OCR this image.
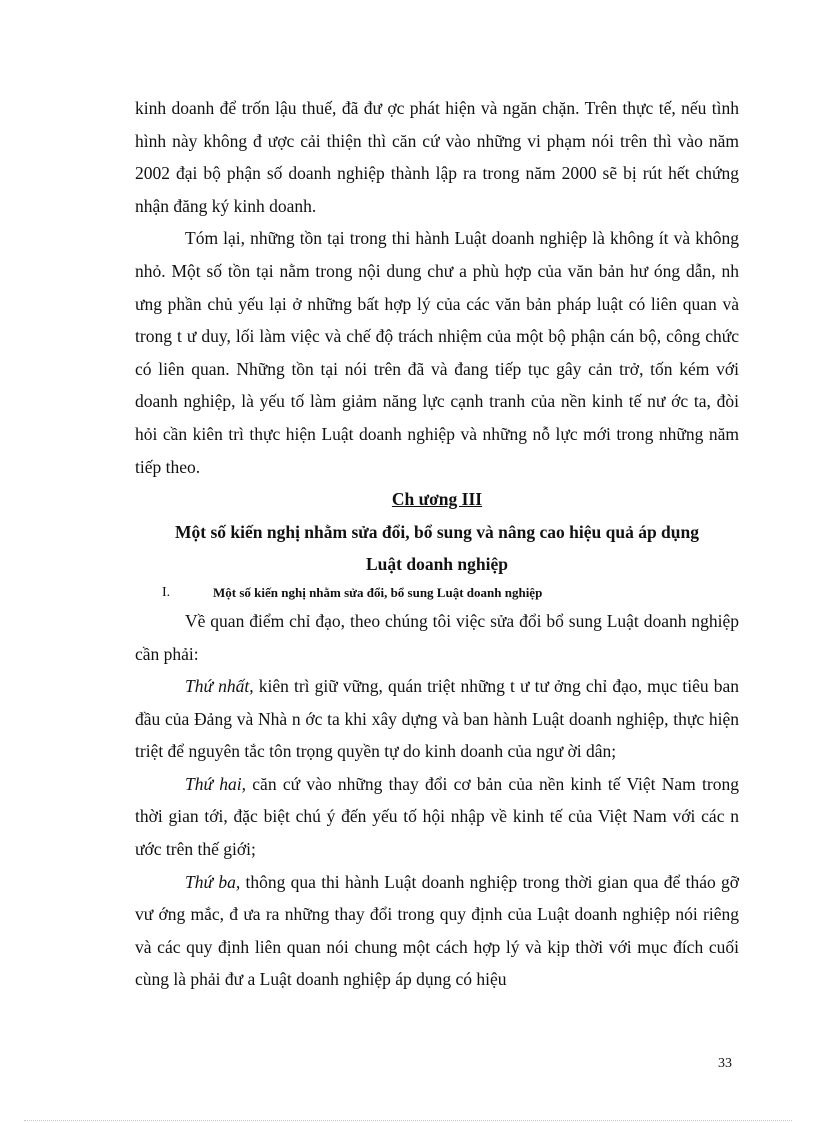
kinh doanh để trốn lậu thuế, đã đư ợc phát hiện và ngăn chặn. Trên thực tế, nếu tình hình này không đ ược cải thiện thì căn cứ vào những vi phạm nói trên thì vào năm 2002 đại bộ phận số doanh nghiệp thành lập ra trong năm 2000 sẽ bị rút hết chứng nhận đăng ký kinh doanh.

Tóm lại, những tồn tại trong thi hành Luật doanh nghiệp là không ít và không nhỏ. Một số tồn tại nằm trong nội dung chư a phù hợp của văn bản hư óng dẫn, nh ưng phần chủ yếu lại ở những bất hợp lý của các văn bản pháp luật có liên quan và trong t ư duy, lối làm việc và chế độ trách nhiệm của một bộ phận cán bộ, công chức có liên quan. Những tồn tại nói trên đã và đang tiếp tục gây cản trở, tốn kém với doanh nghiệp, là yếu tố làm giảm năng lực cạnh tranh của nền kinh tế nư ớc ta, đòi hỏi cần kiên trì thực hiện Luật doanh nghiệp và những nỗ lực mới trong những năm tiếp theo.

Ch ương III

Một số kiến nghị nhằm sửa đổi, bổ sung và nâng cao hiệu quả áp dụng

Luật doanh nghiệp

I.	Một số kiến nghị nhằm sửa đổi, bổ sung Luật doanh nghiệp

Về quan điểm chỉ đạo, theo chúng tôi việc sửa đổi bổ sung Luật doanh nghiệp cần phải:

Thứ nhất, kiên trì giữ vững, quán triệt những t ư tư ởng chỉ đạo, mục tiêu ban đầu của Đảng và Nhà n ớc ta khi xây dựng và ban hành Luật doanh nghiệp, thực hiện triệt để nguyên tắc tôn trọng quyền tự do kinh doanh của ngư ời dân;

Thứ hai, căn cứ vào những thay đổi cơ bản của nền kinh tế Việt Nam trong thời gian tới, đặc biệt chú ý đến yếu tố hội nhập về kinh tế của Việt Nam với các n ước trên thế giới;

Thứ ba, thông qua thi hành Luật doanh nghiệp trong thời gian qua để tháo gỡ vư ớng mắc, đ ưa ra những thay đổi trong quy định của Luật doanh nghiệp nói riêng và các quy định liên quan nói chung một cách hợp lý và kịp thời với mục đích cuối cùng là phải đư a Luật doanh nghiệp áp dụng có hiệu

33
